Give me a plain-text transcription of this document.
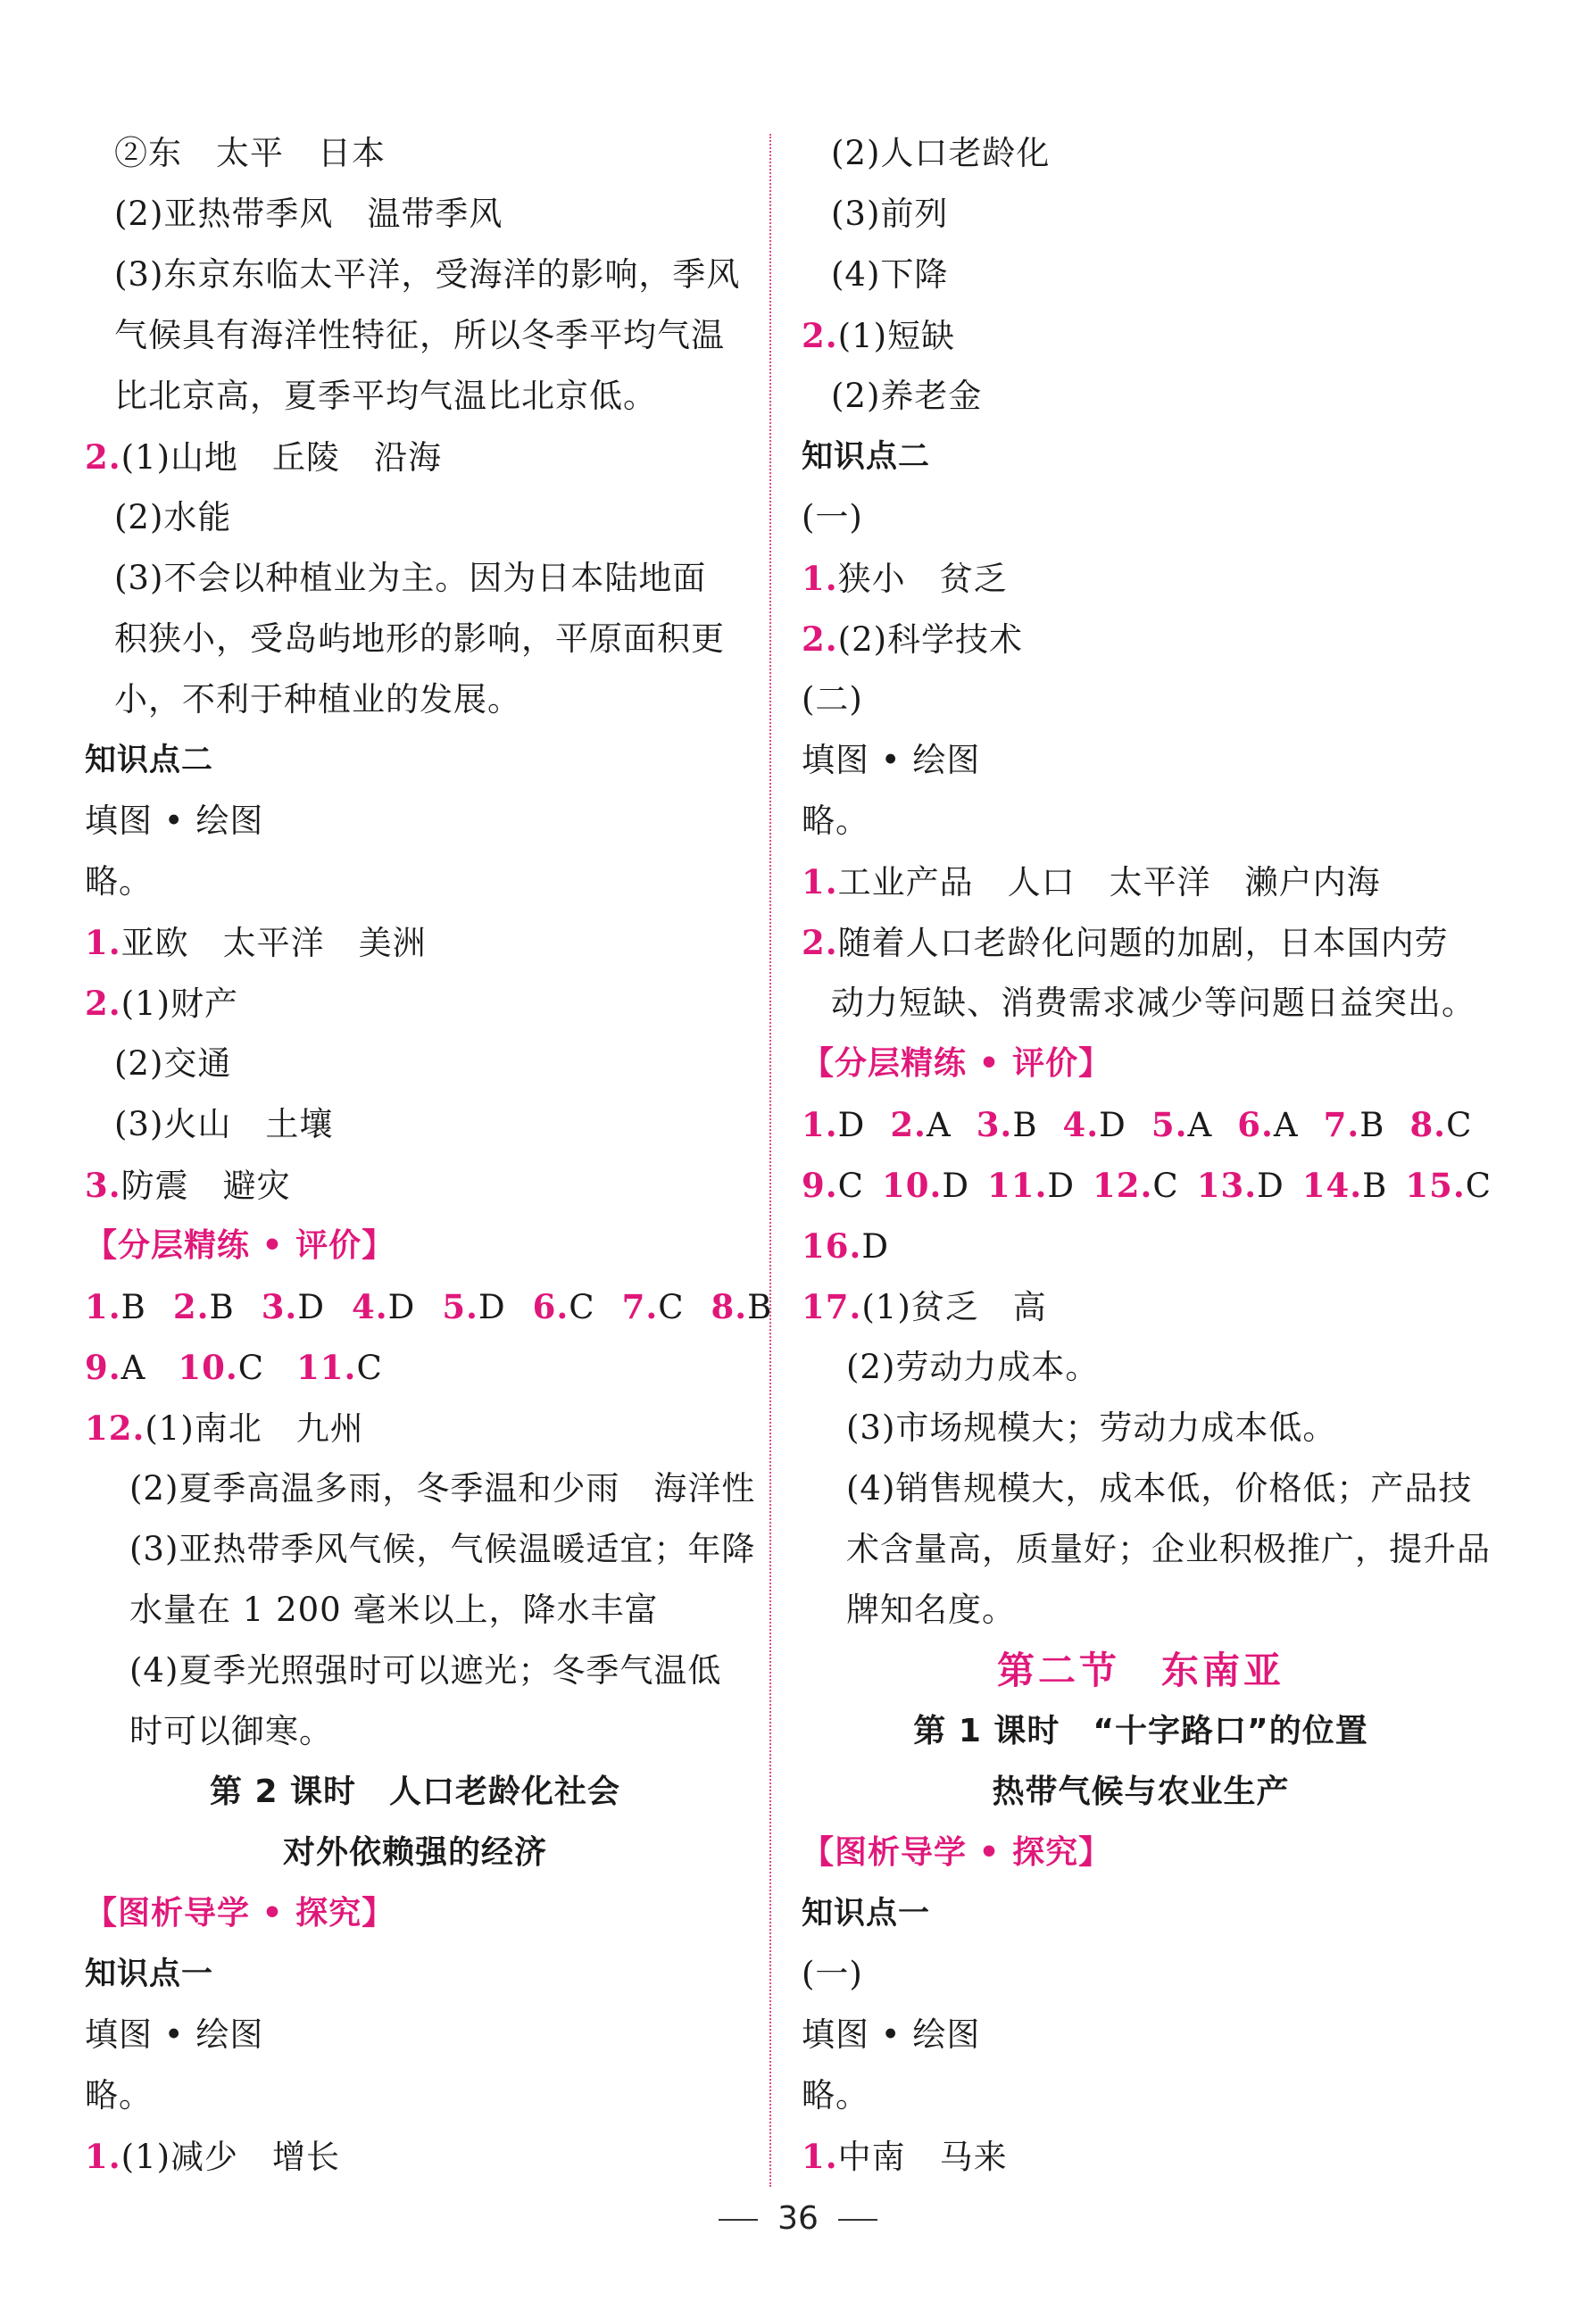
②东　太平　日本
(2)亚热带季风　温带季风
(3)东京东临太平洋，受海洋的影响，季风
气候具有海洋性特征，所以冬季平均气温
比北京高，夏季平均气温比北京低。
2.(1)山地　丘陵　沿海
(2)水能
(3)不会以种植业为主。因为日本陆地面
积狭小，受岛屿地形的影响，平原面积更
小，不利于种植业的发展。
知识点二
填图 • 绘图
略。
1.亚欧　太平洋　美洲
2.(1)财产
(2)交通
(3)火山　土壤
3.防震　避灾
【分层精练 • 评价】
1.B 2.B 3.D 4.D 5.D 6.C 7.C 8.B
9.A 10.C 11.C
12.(1)南北　九州
(2)夏季高温多雨，冬季温和少雨　海洋性
(3)亚热带季风气候，气候温暖适宜；年降
水量在 1 200 毫米以上，降水丰富
(4)夏季光照强时可以遮光；冬季气温低
时可以御寒。
第 2 课时　人口老龄化社会
对外依赖强的经济
【图析导学 • 探究】
知识点一
填图 • 绘图
略。
1.(1)减少　增长
(2)人口老龄化
(3)前列
(4)下降
2.(1)短缺
(2)养老金
知识点二
(一)
1.狭小　贫乏
2.(2)科学技术
(二)
填图 • 绘图
略。
1.工业产品　人口　太平洋　濑户内海
2.随着人口老龄化问题的加剧，日本国内劳
动力短缺、消费需求减少等问题日益突出。
【分层精练 • 评价】
1.D 2.A 3.B 4.D 5.A 6.A 7.B 8.C
9.C 10.D 11.D 12.C 13.D 14.B 15.C
16.D
17.(1)贫乏　高
(2)劳动力成本。
(3)市场规模大；劳动力成本低。
(4)销售规模大，成本低，价格低；产品技
术含量高，质量好；企业积极推广，提升品
牌知名度。
第二节　东南亚
第 1 课时　“十字路口”的位置
热带气候与农业生产
【图析导学 • 探究】
知识点一
(一)
填图 • 绘图
略。
1.中南　马来
36
